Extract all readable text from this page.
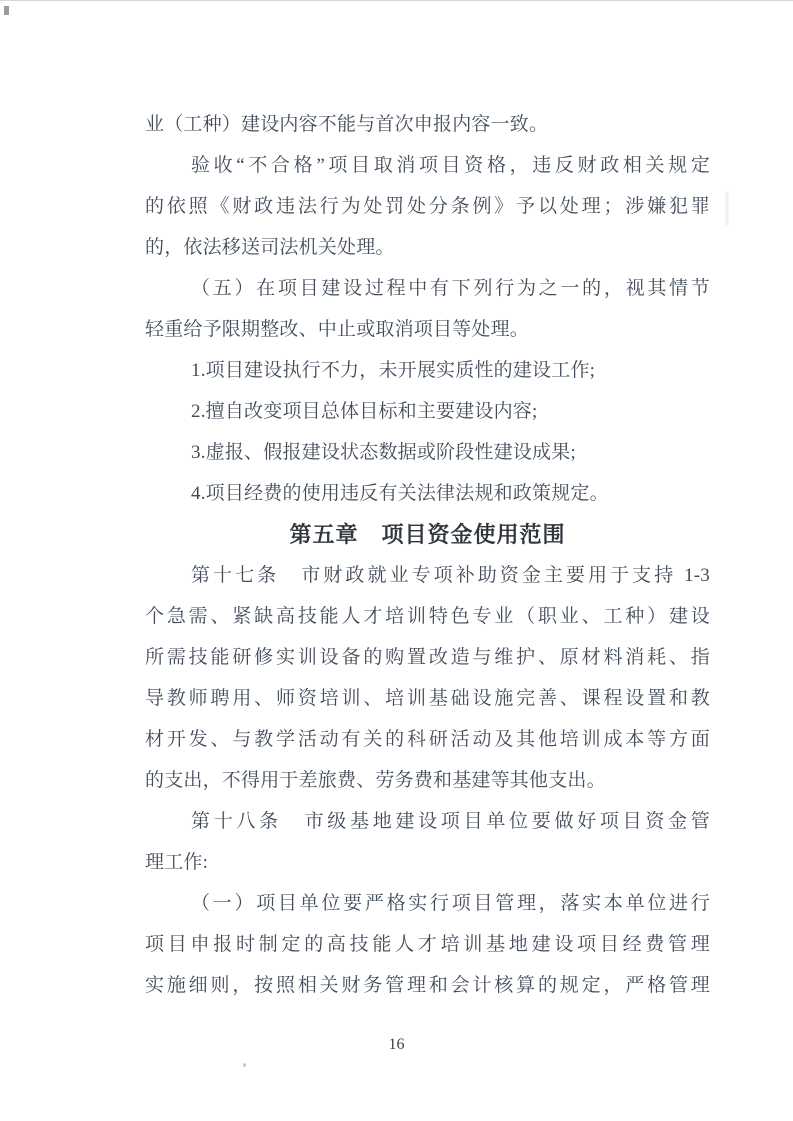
业（工种）建设内容不能与首次申报内容一致。
验收“不合格”项目取消项目资格，违反财政相关规定
的依照《财政违法行为处罚处分条例》予以处理；涉嫌犯罪
的，依法移送司法机关处理。
（五）在项目建设过程中有下列行为之一的，视其情节
轻重给予限期整改、中止或取消项目等处理。
1.项目建设执行不力，未开展实质性的建设工作;
2.擅自改变项目总体目标和主要建设内容;
3.虚报、假报建设状态数据或阶段性建设成果;
4.项目经费的使用违反有关法律法规和政策规定。
第五章　项目资金使用范围
第十七条　市财政就业专项补助资金主要用于支持 1-3
个急需、紧缺高技能人才培训特色专业（职业、工种）建设
所需技能研修实训设备的购置改造与维护、原材料消耗、指
导教师聘用、师资培训、培训基础设施完善、课程设置和教
材开发、与教学活动有关的科研活动及其他培训成本等方面
的支出，不得用于差旅费、劳务费和基建等其他支出。
第十八条　市级基地建设项目单位要做好项目资金管
理工作:
（一）项目单位要严格实行项目管理，落实本单位进行
项目申报时制定的高技能人才培训基地建设项目经费管理
实施细则，按照相关财务管理和会计核算的规定，严格管理
16
